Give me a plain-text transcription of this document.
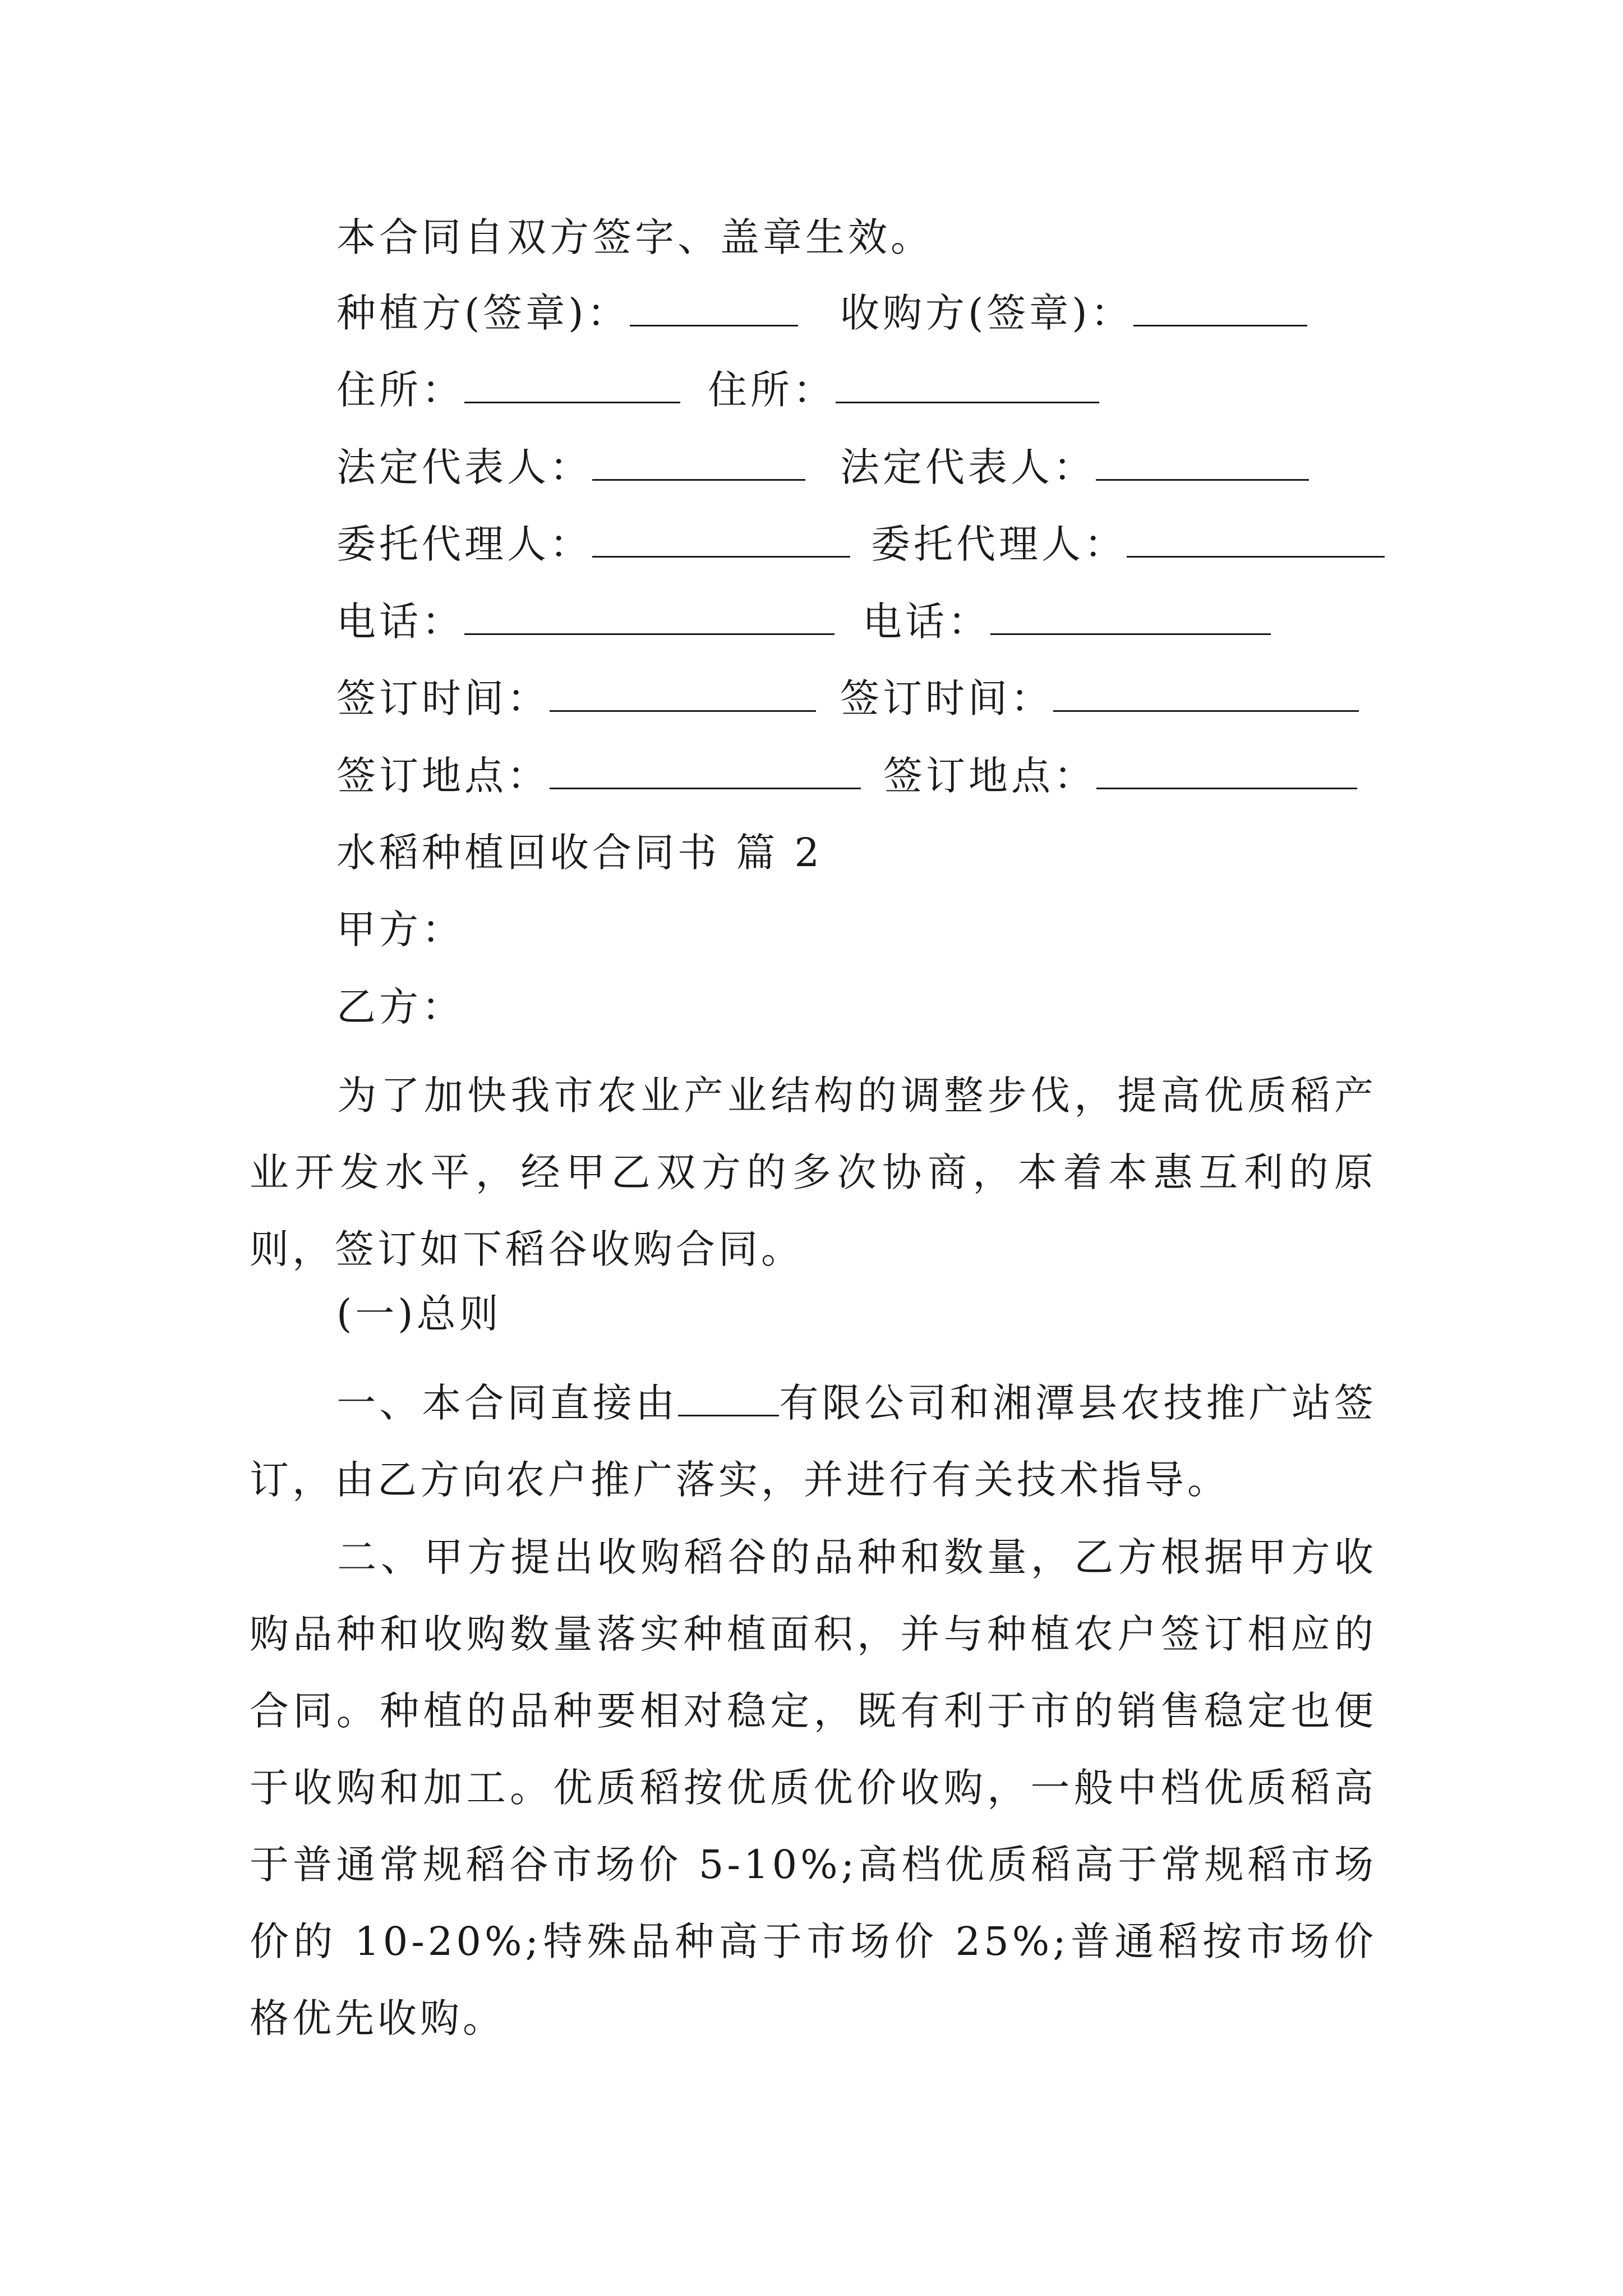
本合同自双方签字、盖章生效。
种植方(签章)：	收购方(签章)：
住所：	住所：
法定代表人：	法定代表人：
委托代理人：	委托代理人：
电话：	电话：
签订时间：	签订时间：
签订地点：	签订地点：
水稻种植回收合同书 篇 2
甲方：
乙方：
为了加快我市农业产业结构的调整步伐，提高优质稻产业开发水平，经甲乙双方的多次协商，本着本惠互利的原则，签订如下稻谷收购合同。
(一)总则
一、本合同直接由	有限公司和湘潭县农技推广站签订，由乙方向农户推广落实，并进行有关技术指导。
二、甲方提出收购稻谷的品种和数量，乙方根据甲方收购品种和收购数量落实种植面积，并与种植农户签订相应的合同。种植的品种要相对稳定，既有利于市的销售稳定也便于收购和加工。优质稻按优质优价收购，一般中档优质稻高于普通常规稻谷市场价 5-10%;高档优质稻高于常规稻市场价的 10-20%;特殊品种高于市场价 25%;普通稻按市场价格优先收购。
